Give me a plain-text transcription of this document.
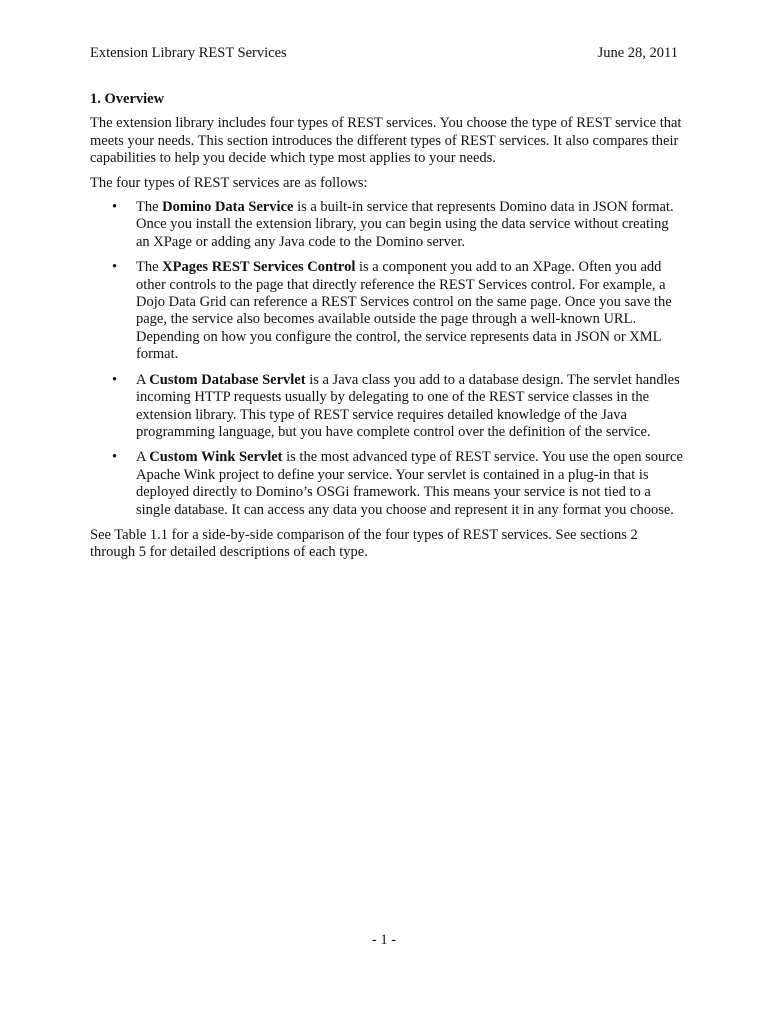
Extension Library REST Services	June 28, 2011
1. Overview

The extension library includes four types of REST services. You choose the type of REST service that meets your needs. This section introduces the different types of REST services. It also compares their capabilities to help you decide which type most applies to your needs.

The four types of REST services are as follows:

• The Domino Data Service is a built-in service that represents Domino data in JSON format. Once you install the extension library, you can begin using the data service without creating an XPage or adding any Java code to the Domino server.
• The XPages REST Services Control is a component you add to an XPage. Often you add other controls to the page that directly reference the REST Services control. For example, a Dojo Data Grid can reference a REST Services control on the same page. Once you save the page, the service also becomes available outside the page through a well-known URL. Depending on how you configure the control, the service represents data in JSON or XML format.
• A Custom Database Servlet is a Java class you add to a database design. The servlet handles incoming HTTP requests usually by delegating to one of the REST service classes in the extension library. This type of REST service requires detailed knowledge of the Java programming language, but you have complete control over the definition of the service.
• A Custom Wink Servlet is the most advanced type of REST service. You use the open source Apache Wink project to define your service. Your servlet is contained in a plug-in that is deployed directly to Domino’s OSGi framework. This means your service is not tied to a single database. It can access any data you choose and represent it in any format you choose.

See Table 1.1 for a side-by-side comparison of the four types of REST services. See sections 2 through 5 for detailed descriptions of each type.

- 1 -
